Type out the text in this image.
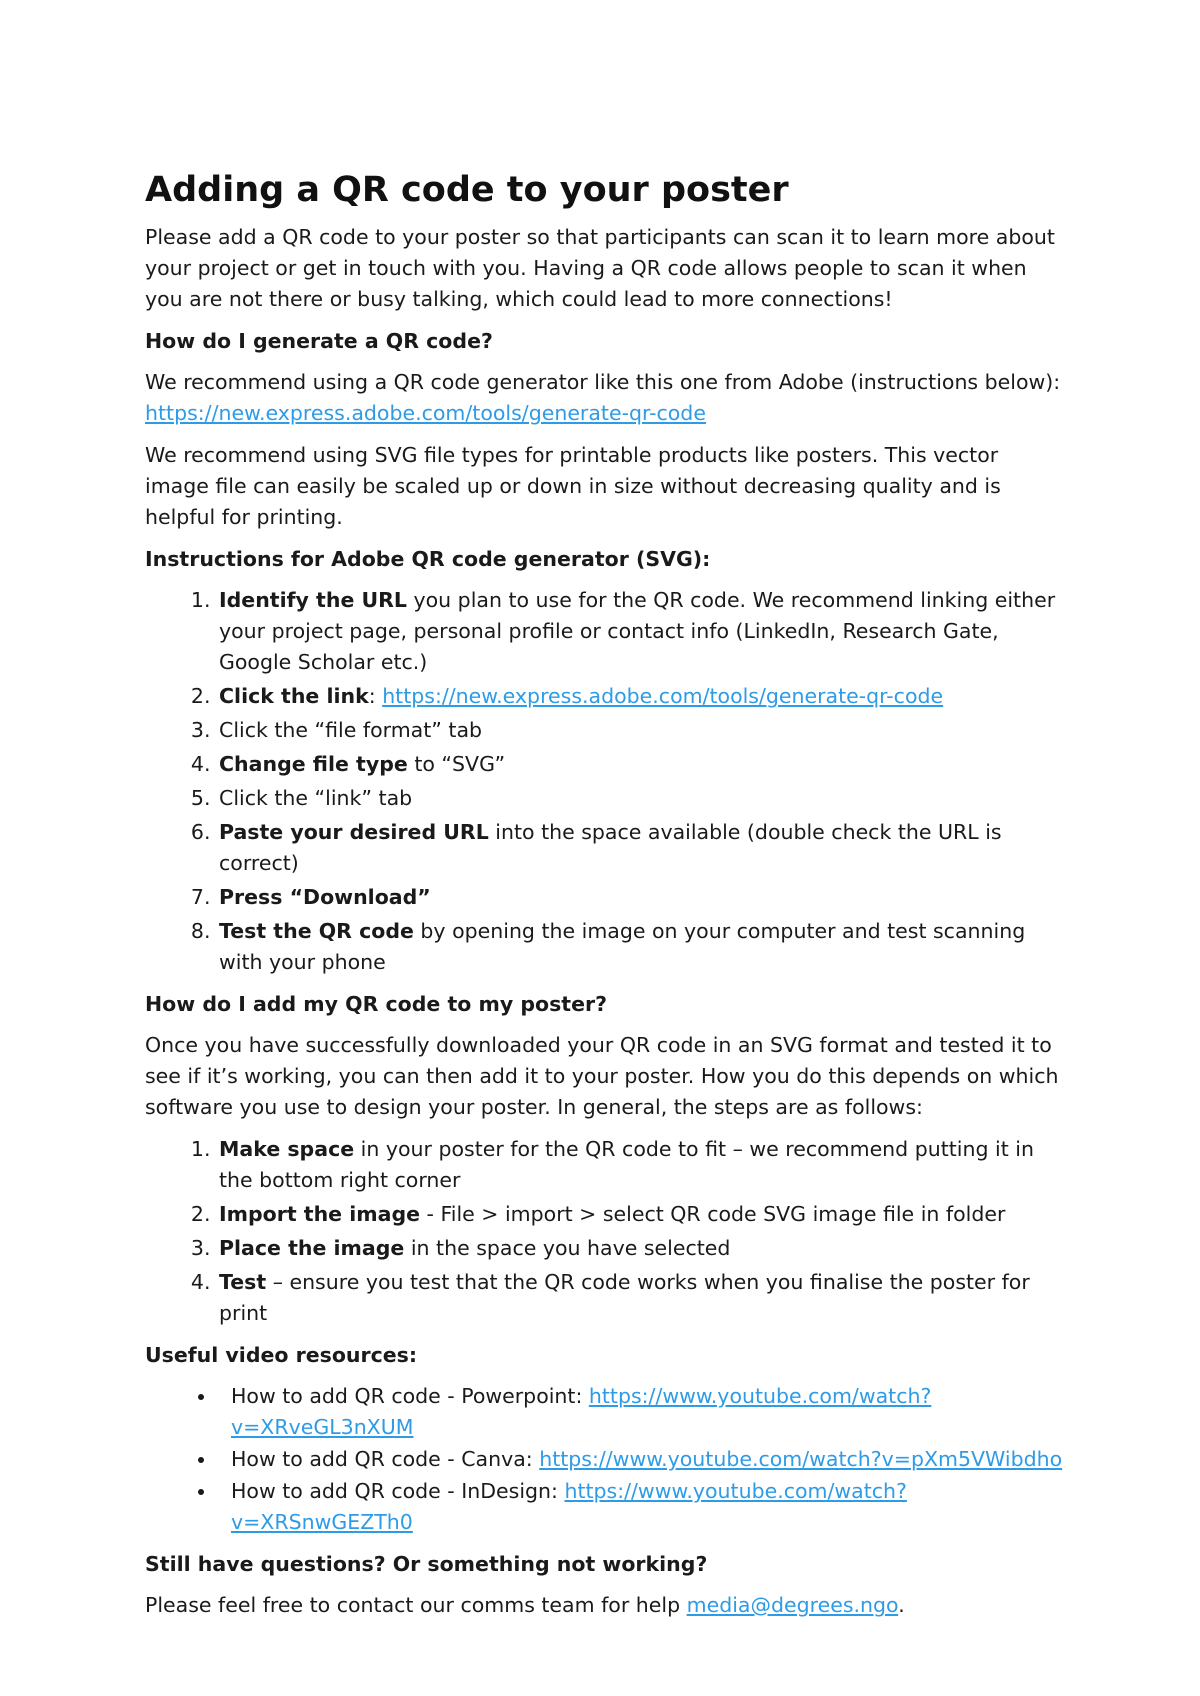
Adding a QR code to your poster

Please add a QR code to your poster so that participants can scan it to learn more about your project or get in touch with you. Having a QR code allows people to scan it when you are not there or busy talking, which could lead to more connections!

How do I generate a QR code?

We recommend using a QR code generator like this one from Adobe (instructions below):
https://new.express.adobe.com/tools/generate-qr-code

We recommend using SVG file types for printable products like posters. This vector image file can easily be scaled up or down in size without decreasing quality and is helpful for printing.

Instructions for Adobe QR code generator (SVG):
1. Identify the URL you plan to use for the QR code. We recommend linking either your project page, personal profile or contact info (LinkedIn, Research Gate, Google Scholar etc.)
2. Click the link: https://new.express.adobe.com/tools/generate-qr-code
3. Click the “file format” tab
4. Change file type to “SVG”
5. Click the “link” tab
6. Paste your desired URL into the space available (double check the URL is correct)
7. Press “Download”
8. Test the QR code by opening the image on your computer and test scanning with your phone
How do I add my QR code to my poster?

Once you have successfully downloaded your QR code in an SVG format and tested it to see if it’s working, you can then add it to your poster. How you do this depends on which software you use to design your poster. In general, the steps are as follows:

1. Make space in your poster for the QR code to fit – we recommend putting it in the bottom right corner
2. Import the image - File > import > select QR code SVG image file in folder
3. Place the image in the space you have selected
4. Test – ensure you test that the QR code works when you finalise the poster for print
Useful video resources:
• How to add QR code - Powerpoint: https://www.youtube.com/watch?v=XRveGL3nXUM
• How to add QR code - Canva: https://www.youtube.com/watch?v=pXm5VWibdho
• How to add QR code - InDesign: https://www.youtube.com/watch?v=XRSnwGEZTh0
Still have questions? Or something not working?

Please feel free to contact our comms team for help media@degrees.ngo.
